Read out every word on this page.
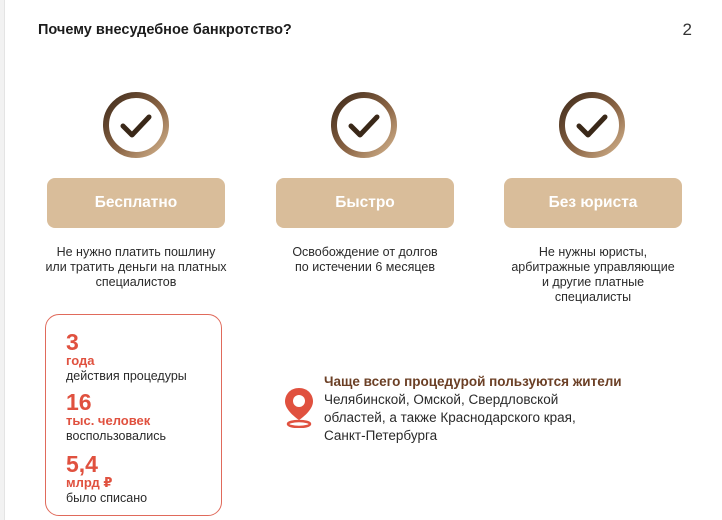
Почему внесудебное банкротство?	2
Бесплатно
Не нужно платить пошлину
или тратить деньги на платных
специалистов
Быстро
Освобождение от долгов
по истечении 6 месяцев
Без юриста
Не нужны юристы,
арбитражные управляющие
и другие платные
специалисты
3
года
действия процедуры
16
тыс. человек
воспользовались
5,4
млрд ₽
было списано
Чаще всего процедурой пользуются жители
Челябинской, Омской, Свердловской
областей, а также Краснодарского края,
Санкт-Петербурга
